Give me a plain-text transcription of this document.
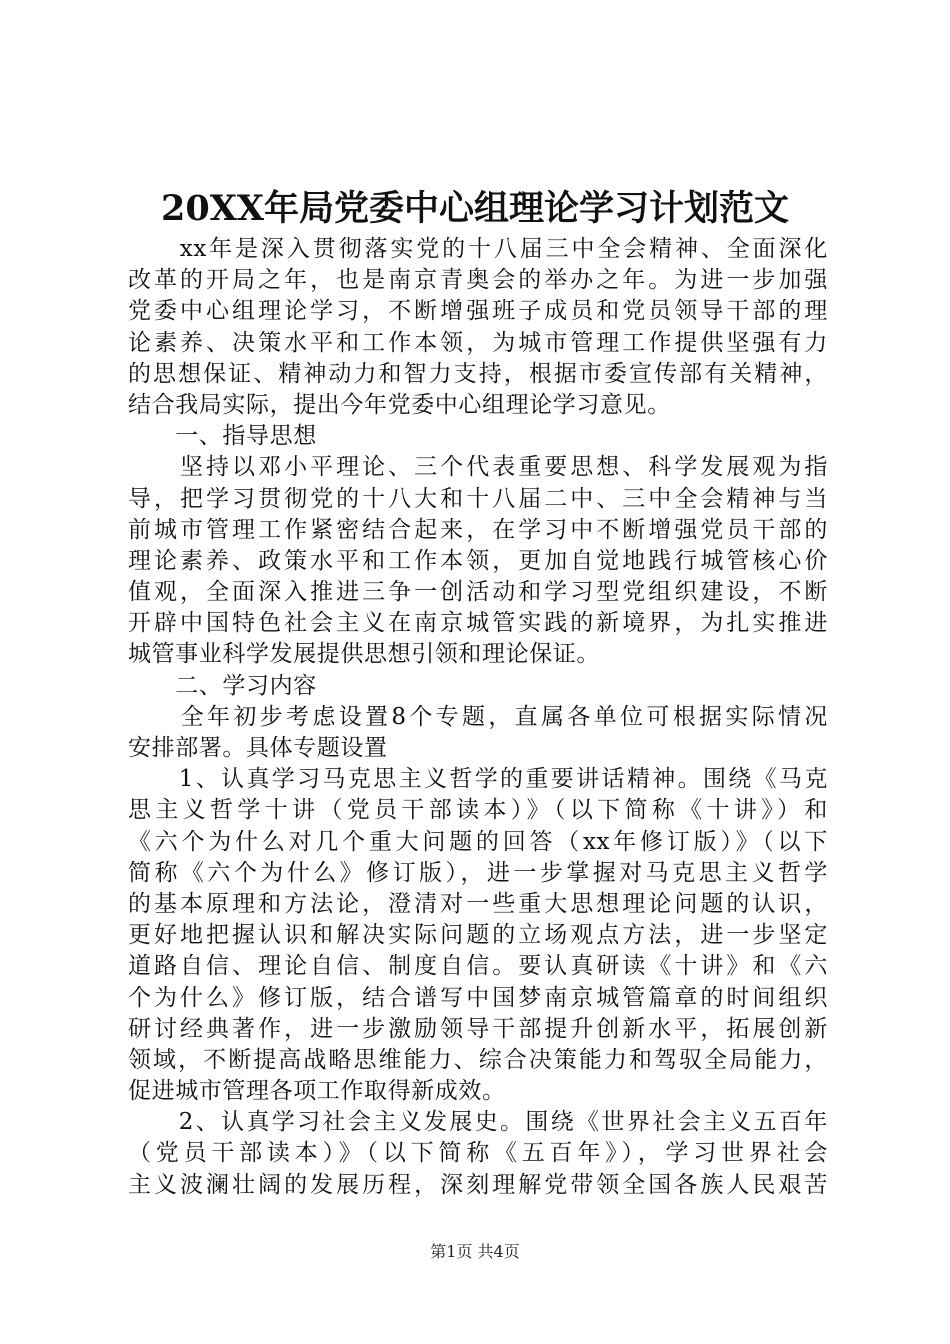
20XX年局党委中心组理论学习计划范文
　　xx年是深入贯彻落实党的十八届三中全会精神、全面深化
改革的开局之年，也是南京青奥会的举办之年。为进一步加强
党委中心组理论学习，不断增强班子成员和党员领导干部的理
论素养、决策水平和工作本领，为城市管理工作提供坚强有力
的思想保证、精神动力和智力支持，根据市委宣传部有关精神，
结合我局实际，提出今年党委中心组理论学习意见。
　　一、指导思想
　　坚持以邓小平理论、三个代表重要思想、科学发展观为指
导，把学习贯彻党的十八大和十八届二中、三中全会精神与当
前城市管理工作紧密结合起来，在学习中不断增强党员干部的
理论素养、政策水平和工作本领，更加自觉地践行城管核心价
值观，全面深入推进三争一创活动和学习型党组织建设，不断
开辟中国特色社会主义在南京城管实践的新境界，为扎实推进
城管事业科学发展提供思想引领和理论保证。
　　二、学习内容
　　全年初步考虑设置8个专题，直属各单位可根据实际情况
安排部署。具体专题设置
　　1、认真学习马克思主义哲学的重要讲话精神。围绕《马克
思主义哲学十讲（党员干部读本）》（以下简称《十讲》）和
《六个为什么对几个重大问题的回答（xx年修订版）》（以下
简称《六个为什么》修订版），进一步掌握对马克思主义哲学
的基本原理和方法论，澄清对一些重大思想理论问题的认识，
更好地把握认识和解决实际问题的立场观点方法，进一步坚定
道路自信、理论自信、制度自信。要认真研读《十讲》和《六
个为什么》修订版，结合谱写中国梦南京城管篇章的时间组织
研讨经典著作，进一步激励领导干部提升创新水平，拓展创新
领域，不断提高战略思维能力、综合决策能力和驾驭全局能力，
促进城市管理各项工作取得新成效。
　　2、认真学习社会主义发展史。围绕《世界社会主义五百年
（党员干部读本）》（以下简称《五百年》），学习世界社会
主义波澜壮阔的发展历程，深刻理解党带领全国各族人民艰苦
第1页 共4页
